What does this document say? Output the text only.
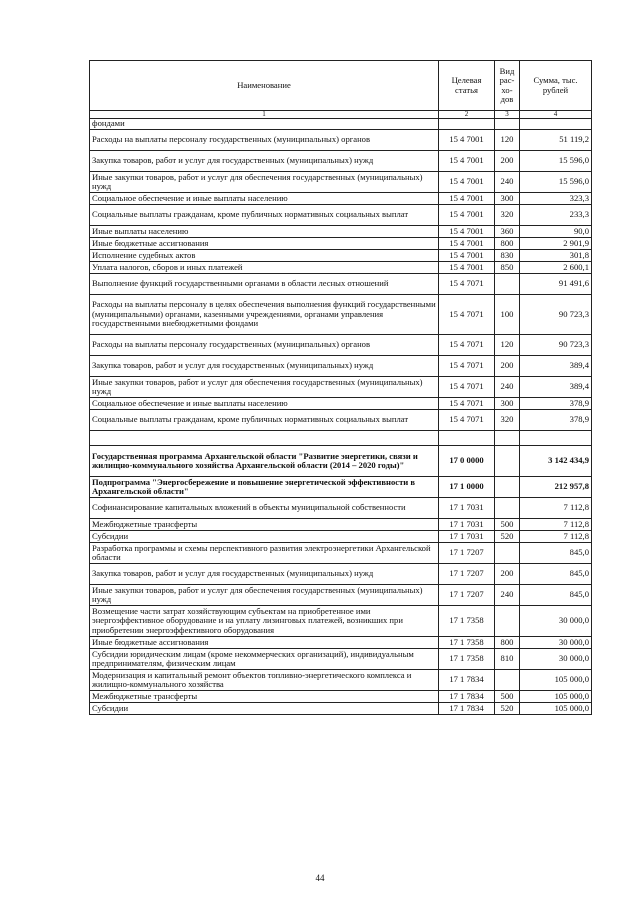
Наименование	Целевая статья	Вид рас- хо- дов	Сумма, тыс. рублей
1	2	3	4
фондами			
Расходы на выплаты персоналу государственных (муниципальных) органов	15 4 7001	120	51 119,2
Закупка товаров, работ и услуг для государственных (муниципальных) нужд	15 4 7001	200	15 596,0
Иные закупки товаров, работ и услуг для обеспечения государственных (муниципальных) нужд	15 4 7001	240	15 596,0
Социальное обеспечение и иные выплаты населению	15 4 7001	300	323,3
Социальные выплаты гражданам, кроме публичных нормативных социальных выплат	15 4 7001	320	233,3
Иные выплаты населению	15 4 7001	360	90,0
Иные бюджетные ассигнования	15 4 7001	800	2 901,9
Исполнение судебных актов	15 4 7001	830	301,8
Уплата налогов, сборов и иных платежей	15 4 7001	850	2 600,1
Выполнение функций государственными органами в области лесных отношений	15 4 7071		91 491,6
Расходы на выплаты персоналу в целях обеспечения выполнения функций государственными (муниципальными) органами, казенными учреждениями, органами управления государственными внебюджетными фондами	15 4 7071	100	90 723,3
Расходы на выплаты персоналу государственных (муниципальных) органов	15 4 7071	120	90 723,3
Закупка товаров, работ и услуг для государственных (муниципальных) нужд	15 4 7071	200	389,4
Иные закупки товаров, работ и услуг для обеспечения государственных (муниципальных) нужд	15 4 7071	240	389,4
Социальное обеспечение и иные выплаты населению	15 4 7071	300	378,9
Социальные выплаты гражданам, кроме публичных нормативных социальных выплат	15 4 7071	320	378,9

Государственная программа Архангельской области "Развитие энергетики, связи и жилищно-коммунального хозяйства Архангельской области (2014 – 2020 годы)"	17 0 0000		3 142 434,9
Подпрограмма "Энергосбережение и повышение энергетической эффективности в Архангельской области"	17 1 0000		212 957,8
Софинансирование капитальных вложений в объекты муниципальной собственности	17 1 7031		7 112,8
Межбюджетные трансферты	17 1 7031	500	7 112,8
Субсидии	17 1 7031	520	7 112,8
Разработка программы и схемы перспективного развития электроэнергетики Архангельской области	17 1 7207		845,0
Закупка товаров, работ и услуг для государственных (муниципальных) нужд	17 1 7207	200	845,0
Иные закупки товаров, работ и услуг для обеспечения государственных (муниципальных) нужд	17 1 7207	240	845,0
Возмещение части затрат хозяйствующим субъектам на приобретенное ими энергоэффективное оборудование и на уплату лизинговых платежей, возникших при приобретении энергоэффективного оборудования	17 1 7358		30 000,0
Иные бюджетные ассигнования	17 1 7358	800	30 000,0
Субсидии юридическим лицам (кроме некоммерческих организаций), индивидуальным предпринимателям, физическим лицам	17 1 7358	810	30 000,0
Модернизация и капитальный ремонт объектов топливно-энергетического комплекса и жилищно-коммунального хозяйства	17 1 7834		105 000,0
Межбюджетные трансферты	17 1 7834	500	105 000,0
Субсидии	17 1 7834	520	105 000,0
44
